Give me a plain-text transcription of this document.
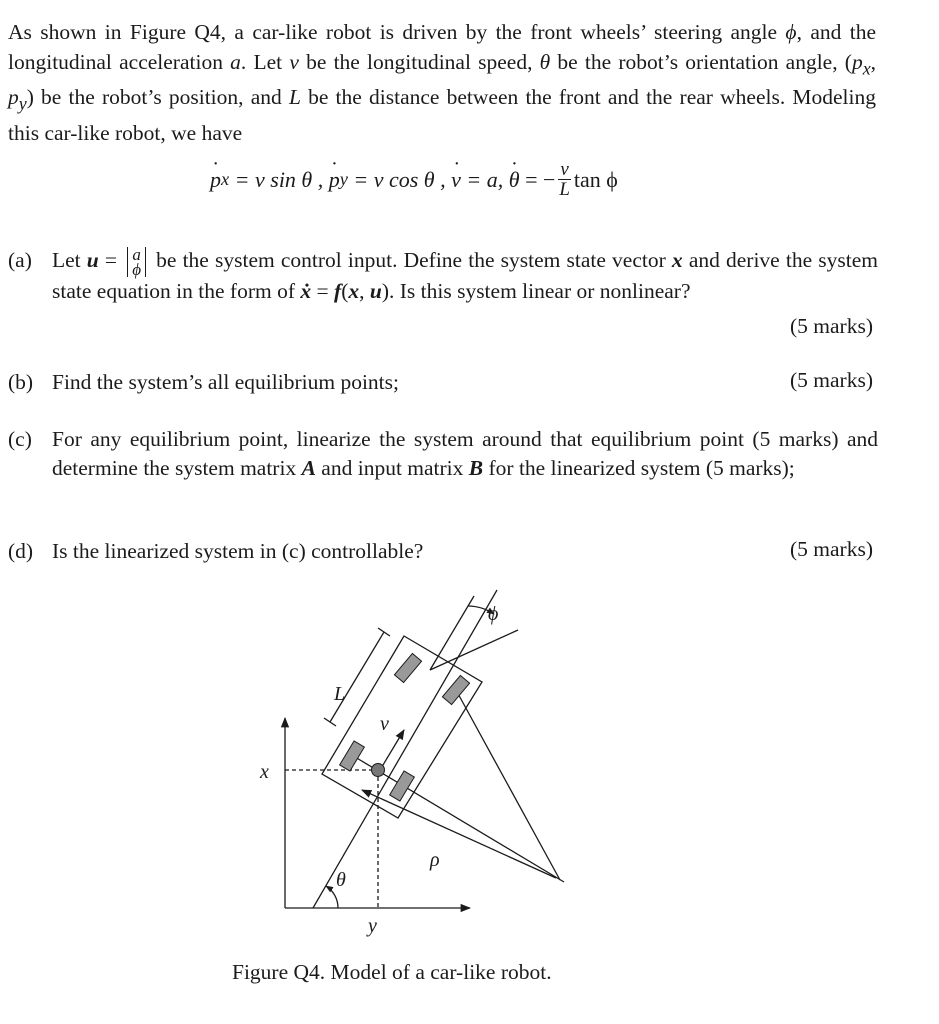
As shown in Figure Q4, a car-like robot is driven by the front wheels’ steering angle ϕ, and the longitudinal acceleration a. Let v be the longitudinal speed, θ be the robot’s orientation angle, ($p_x$, $p_y$) be the robot’s position, and L be the distance between the front and the rear wheels. Modeling this car-like robot, we have
p ˙ x = v sin θ , p ˙ y = v cos θ , v ˙ = a, θ ˙ = − $\frac{v}{L}$ tan ϕ
(a) Let u = a
ϕ be the system control input. Define the system state vector x and derive the system state equation in the form of ẋ = f(x, u). Is this system linear or nonlinear?
(5 marks)
(b) Find the system’s all equilibrium points;	(5 marks)
(c) For any equilibrium point, linearize the system around that equilibrium point (5 marks) and determine the system matrix A and input matrix B for the linearized system (5 marks);
(d) Is the linearized system in (c) controllable?	(5 marks)
ϕ
L
v
x
θ
ρ
y
Figure Q4. Model of a car-like robot.
